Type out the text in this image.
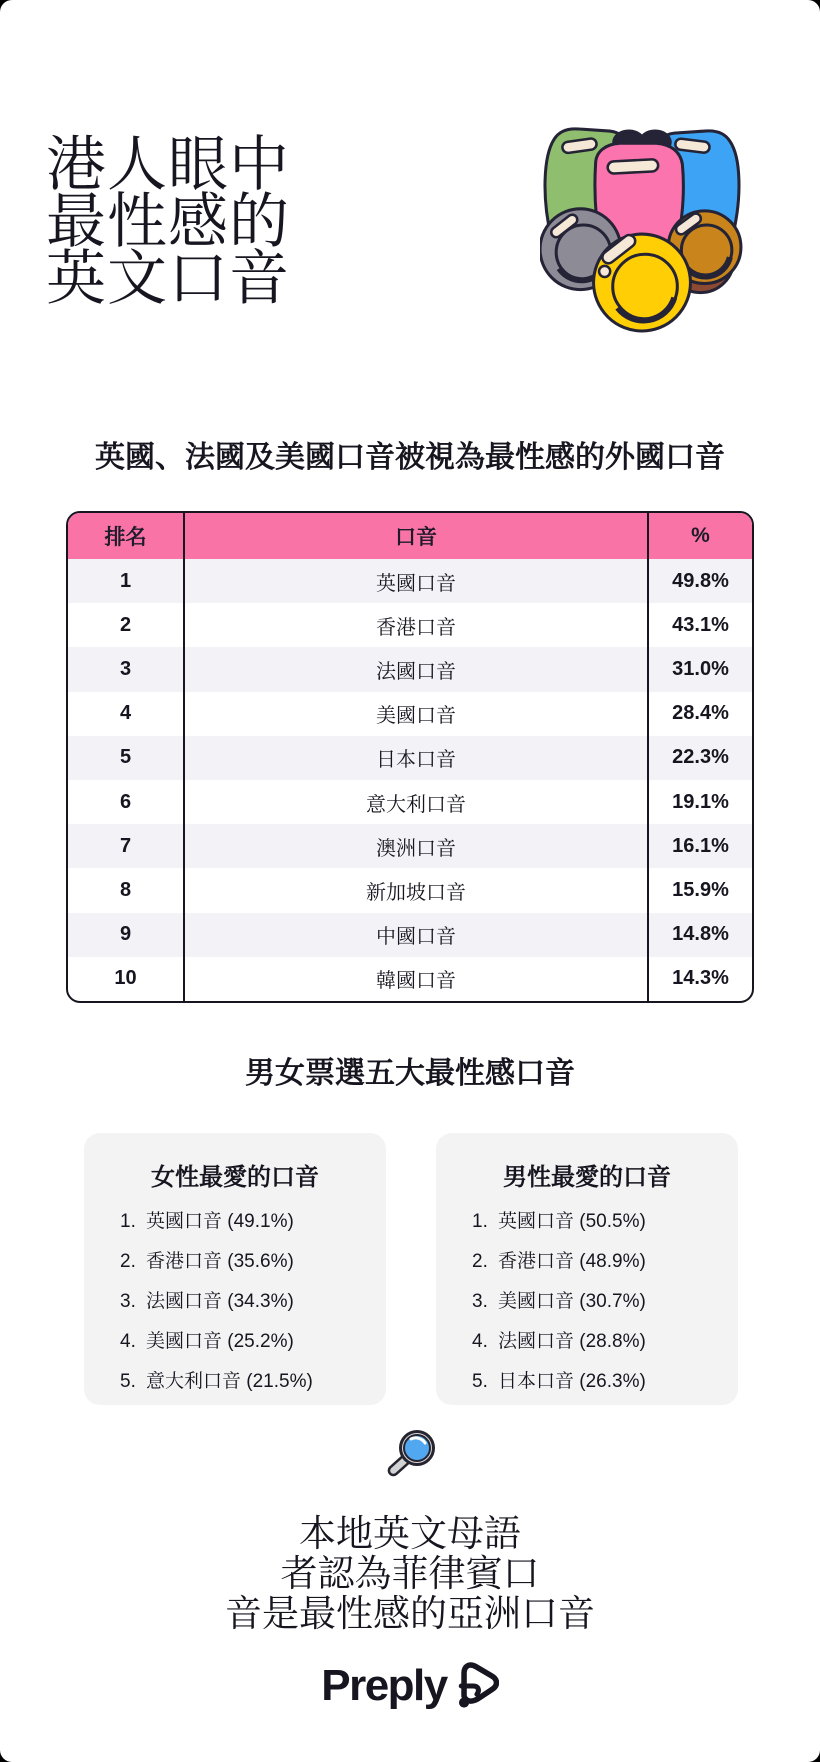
港人眼中
最性感的
英文口音
英國、法國及美國口音被視為最性感的外國口音
排名	口音	%
1	英國口音	49.8%
2	香港口音	43.1%
3	法國口音	31.0%
4	美國口音	28.4%
5	日本口音	22.3%
6	意大利口音	19.1%
7	澳洲口音	16.1%
8	新加坡口音	15.9%
9	中國口音	14.8%
10	韓國口音	14.3%
男女票選五大最性感口音
女性最愛的口音
1. 英國口音 (49.1%)
2. 香港口音 (35.6%)
3. 法國口音 (34.3%)
4. 美國口音 (25.2%)
5. 意大利口音 (21.5%)
男性最愛的口音
1. 英國口音 (50.5%)
2. 香港口音 (48.9%)
3. 美國口音 (30.7%)
4. 法國口音 (28.8%)
5. 日本口音 (26.3%)
本地英文母語
者認為菲律賓口
音是最性感的亞洲口音
Preply
